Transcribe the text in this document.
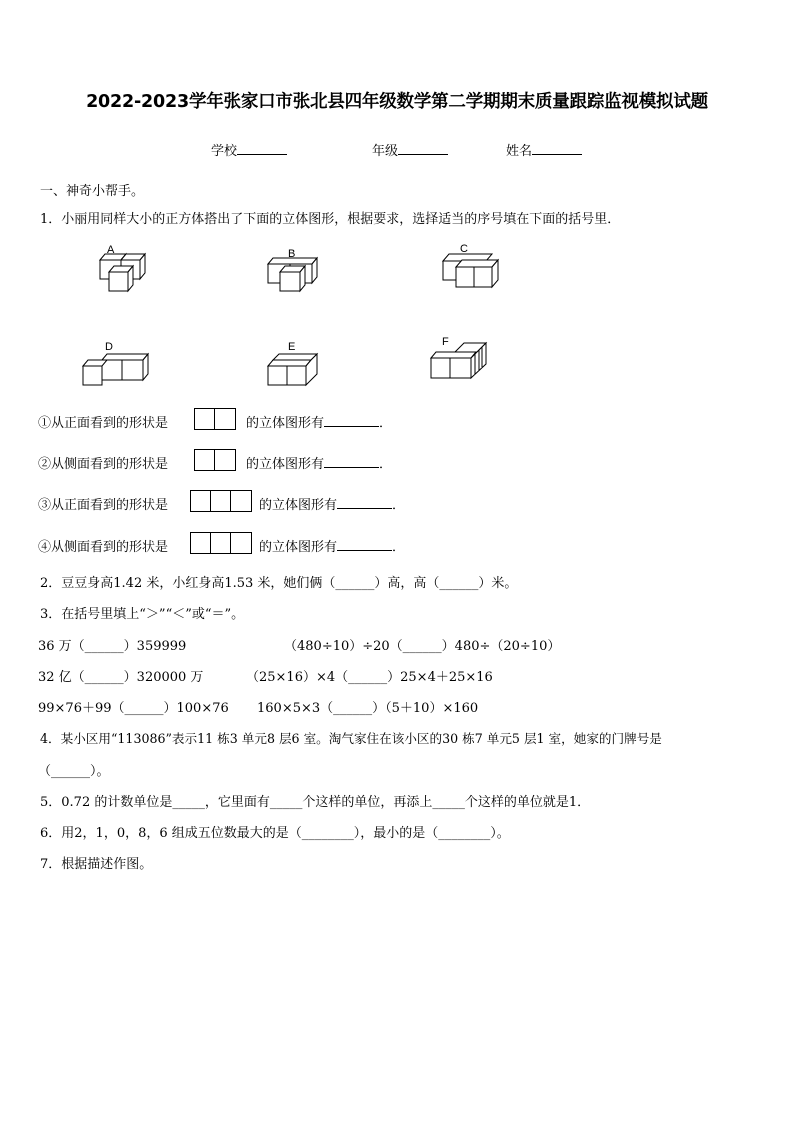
2022-2023学年张家口市张北县四年级数学第二学期期末质量跟踪监视模拟试题
学校	年级	姓名
一、神奇小帮手。
1．小丽用同样大小的正方体搭出了下面的立体图形，根据要求，选择适当的序号填在下面的括号里．
A	B	C
D	E	F
①从正面看到的形状是	的立体图形有	．
②从侧面看到的形状是	的立体图形有	．
③从正面看到的形状是	的立体图形有	．
④从侧面看到的形状是	的立体图形有	．
2．豆豆身高1.42 米，小红身高1.53 米，她们俩（______）高，高（______）米。
3．在括号里填上“＞”“＜”或“＝”。
36 万（______）359999	（480÷10）÷20（______）480÷（20÷10）
32 亿（______）320000 万	（25×16）×4（______）25×4＋25×16
99×76＋99（______）100×76 160×5×3（______）（5＋10）×160
4．某小区用“113086”表示11 栋3 单元8 层6 室。淘气家住在该小区的30 栋7 单元5 层1 室，她家的门牌号是
（______）。
5．0.72 的计数单位是_____，它里面有_____个这样的单位，再添上_____个这样的单位就是1．
6．用2，1，0，8，6 组成五位数最大的是（________），最小的是（________）。
7．根据描述作图。
